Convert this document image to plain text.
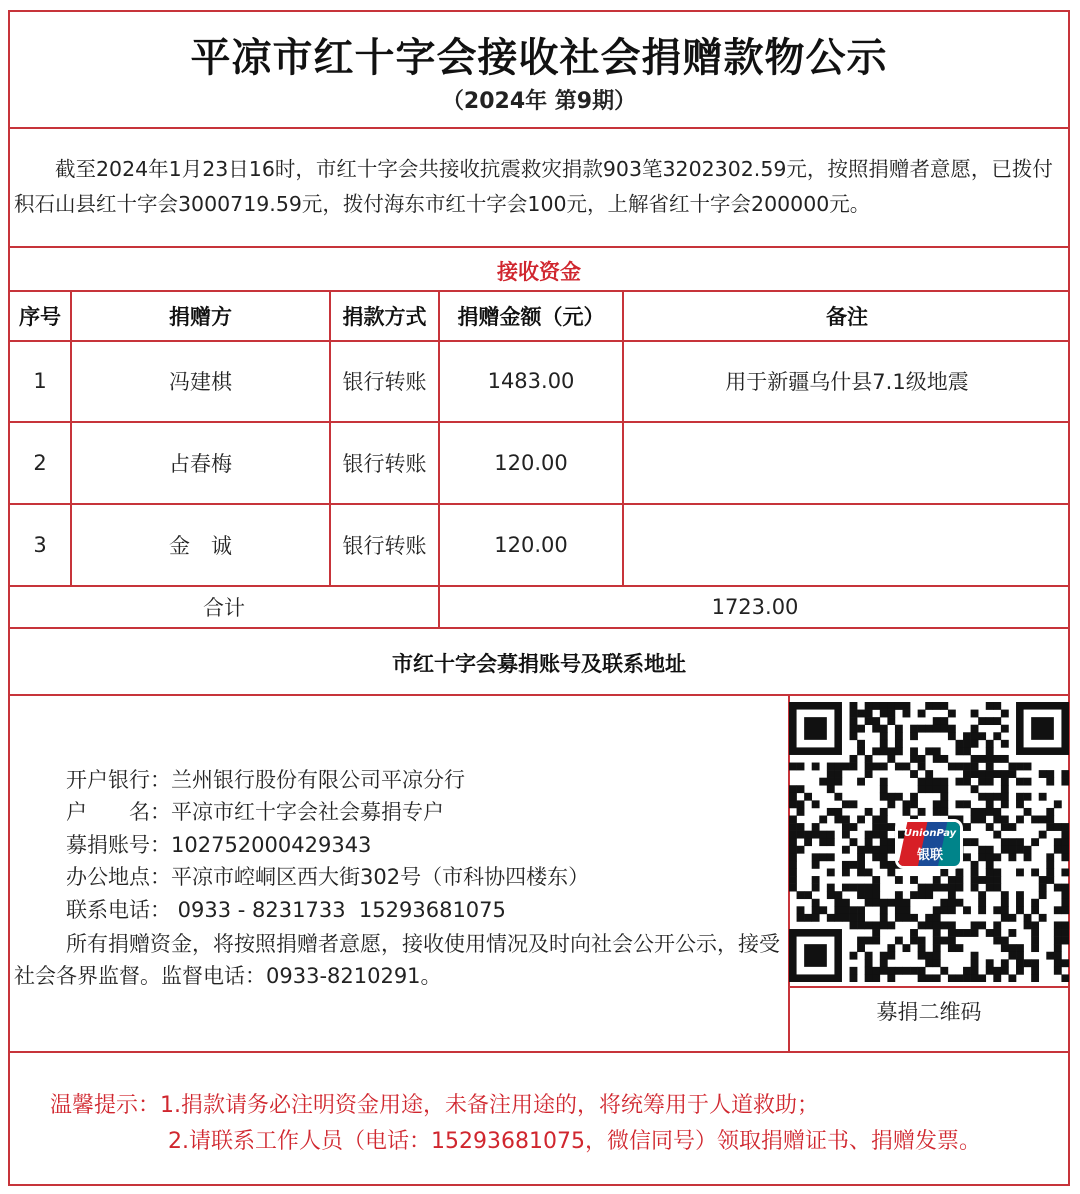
平凉市红十字会接收社会捐赠款物公示
（2024年 第9期）
截至2024年1月23日16时，市红十字会共接收抗震救灾捐款903笔3202302.59元，按照捐赠者意愿，已拨付积石山县红十字会3000719.59元，拨付海东市红十字会100元，上解省红十字会200000元。
接收资金
序号	捐赠方	捐款方式	捐赠金额（元）	备注
1	冯建棋	银行转账	1483.00	用于新疆乌什县7.1级地震
2	占春梅	银行转账	120.00
3	金　诚	银行转账	120.00
合计	1723.00
市红十字会募捐账号及联系地址
开户银行：兰州银行股份有限公司平凉分行
户　　名：平凉市红十字会社会募捐专户
募捐账号：102752000429343
办公地点：平凉市崆峒区西大街302号（市科协四楼东）
联系电话： 0933 - 8231733  15293681075
所有捐赠资金，将按照捐赠者意愿，接收使用情况及时向社会公开公示，接受社会各界监督。监督电话：0933-8210291。
UnionPay
银联
募捐二维码
温馨提示：1.捐款请务必注明资金用途，未备注用途的，将统筹用于人道救助；
2.请联系工作人员（电话：15293681075，微信同号）领取捐赠证书、捐赠发票。
